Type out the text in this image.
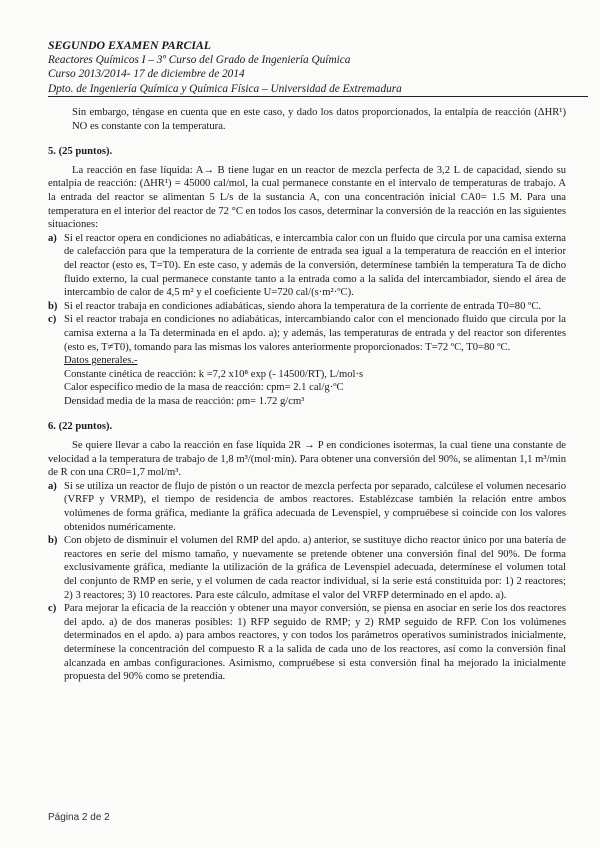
SEGUNDO EXAMEN PARCIAL
Reactores Químicos I – 3º Curso del Grado de Ingeniería Química
Curso 2013/2014- 17 de diciembre de 2014
Dpto. de Ingeniería Química y Química Física – Universidad de Extremadura

Sin embargo, téngase en cuenta que en este caso, y dado los datos proporcionados, la entalpía de reacción (ΔHR¹) NO es constante con la temperatura.

5. (25 puntos).

La reacción en fase líquida: A→ B tiene lugar en un reactor de mezcla perfecta de 3,2 L de capacidad, siendo su entalpía de reacción: (ΔHR¹) = 45000 cal/mol, la cual permanece constante en el intervalo de temperaturas de trabajo. A la entrada del reactor se alimentan 5 L/s de la sustancia A, con una concentración inicial CA0= 1.5 M. Para una temperatura en el interior del reactor de 72 °C en todos los casos, determinar la conversión de la reacción en las siguientes situaciones:

a) Si el reactor opera en condiciones no adiabáticas, e intercambia calor con un fluido que circula por una camisa externa de calefacción para que la temperatura de la corriente de entrada sea igual a la temperatura de reacción en el interior del reactor (esto es, T=T0). En este caso, y además de la conversión, determínese también la temperatura Ta de dicho fluido externo, la cual permanece constante tanto a la entrada como a la salida del intercambiador, siendo el área de intercambio de calor de 4,5 m² y el coeficiente U=720 cal/(s·m²·ºC).
b) Si el reactor trabaja en condiciones adiabáticas, siendo ahora la temperatura de la corriente de entrada T0=80 ºC.
c) Si el reactor trabaja en condiciones no adiabáticas, intercambiando calor con el mencionado fluido que circula por la camisa externa a la Ta determinada en el apdo. a); y además, las temperaturas de entrada y del reactor son diferentes (esto es, T≠T0), tomando para las mismas los valores anteriormente proporcionados: T=72 ºC, T0=80 ºC.
Datos generales.-
Constante cinética de reacción: k =7,2 x10⁸ exp (- 14500/RT), L/mol·s
Calor específico medio de la masa de reacción: cpm= 2.1 cal/g·ºC
Densidad media de la masa de reacción: ρm= 1.72 g/cm³

6. (22 puntos).

Se quiere llevar a cabo la reacción en fase líquida 2R → P en condiciones isotermas, la cual tiene una constante de velocidad a la temperatura de trabajo de 1,8 m³/(mol·min). Para obtener una conversión del 90%, se alimentan 1,1 m³/min de R con una CR0=1,7 mol/m³.

a) Si se utiliza un reactor de flujo de pistón o un reactor de mezcla perfecta por separado, calcúlese el volumen necesario (VRFP y VRMP), el tiempo de residencia de ambos reactores. Establézcase también la relación entre ambos volúmenes de forma gráfica, mediante la gráfica adecuada de Levenspiel, y compruébese si coincide con los valores obtenidos numéricamente.
b) Con objeto de disminuir el volumen del RMP del apdo. a) anterior, se sustituye dicho reactor único por una batería de reactores en serie del mismo tamaño, y nuevamente se pretende obtener una conversión final del 90%. De forma exclusivamente gráfica, mediante la utilización de la gráfica de Levenspiel adecuada, determínese el volumen total del conjunto de RMP en serie, y el volumen de cada reactor individual, si la serie está constituida por: 1) 2 reactores; 2) 3 reactores; 3) 10 reactores. Para este cálculo, admítase el valor del VRFP determinado en el apdo. a).
c) Para mejorar la eficacia de la reacción y obtener una mayor conversión, se piensa en asociar en serie los dos reactores del apdo. a) de dos maneras posibles: 1) RFP seguido de RMP; y 2) RMP seguido de RFP. Con los volúmenes determinados en el apdo. a) para ambos reactores, y con todos los parámetros operativos suministrados inicialmente, determínese la concentración del compuesto R a la salida de cada uno de los reactores, así como la conversión final alcanzada en ambas configuraciones. Asimismo, compruébese si esta conversión final ha mejorado la inicialmente propuesta del 90% como se pretendía.
Página 2 de 2
